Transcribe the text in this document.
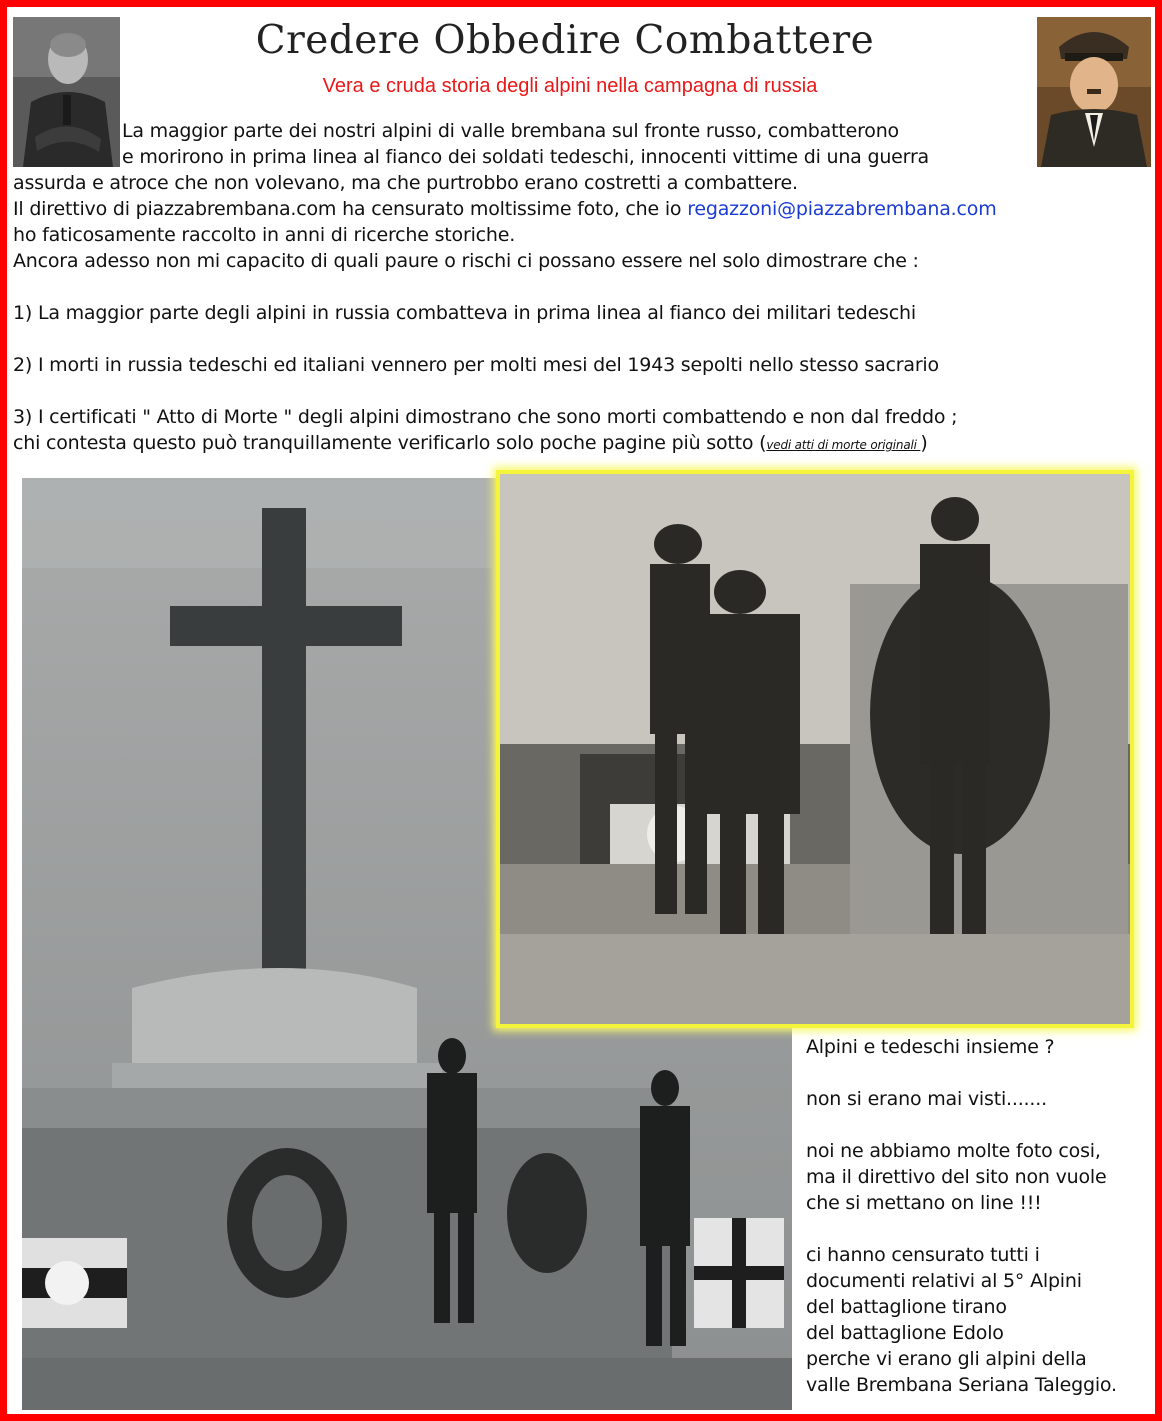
Credere Obbedire Combattere
Vera e cruda storia degli alpini nella campagna di russia
La maggior parte dei nostri alpini di valle brembana sul fronte russo, combatterono
e morirono in prima linea al fianco dei soldati tedeschi, innocenti vittime di una guerra
assurda e atroce che non volevano, ma che purtrobbo erano costretti a combattere.
Il direttivo di piazzabrembana.com ha censurato moltissime foto, che io regazzoni@piazzabrembana.com
ho faticosamente raccolto in anni di ricerche storiche.
Ancora adesso non mi capacito di quali paure o rischi ci possano essere nel solo dimostrare che :
1) La maggior parte degli alpini in russia combatteva in prima linea al fianco dei militari tedeschi
2) I morti in russia tedeschi ed italiani vennero per molti mesi del 1943 sepolti nello stesso sacrario
3) I certificati " Atto di Morte " degli alpini dimostrano che sono morti combattendo e non dal freddo ;
chi contesta questo può tranquillamente verificarlo solo poche pagine più sotto (vedi atti di morte originali )

Alpini e tedeschi insieme ?

non si erano mai visti.......

noi ne abbiamo molte foto cosi,

ma il direttivo del sito non vuole

che si mettano on line !!!

ci hanno censurato tutti i

documenti relativi al 5° Alpini

del battaglione tirano

del battaglione Edolo

perche vi erano gli alpini della

valle Brembana Seriana Taleggio.
